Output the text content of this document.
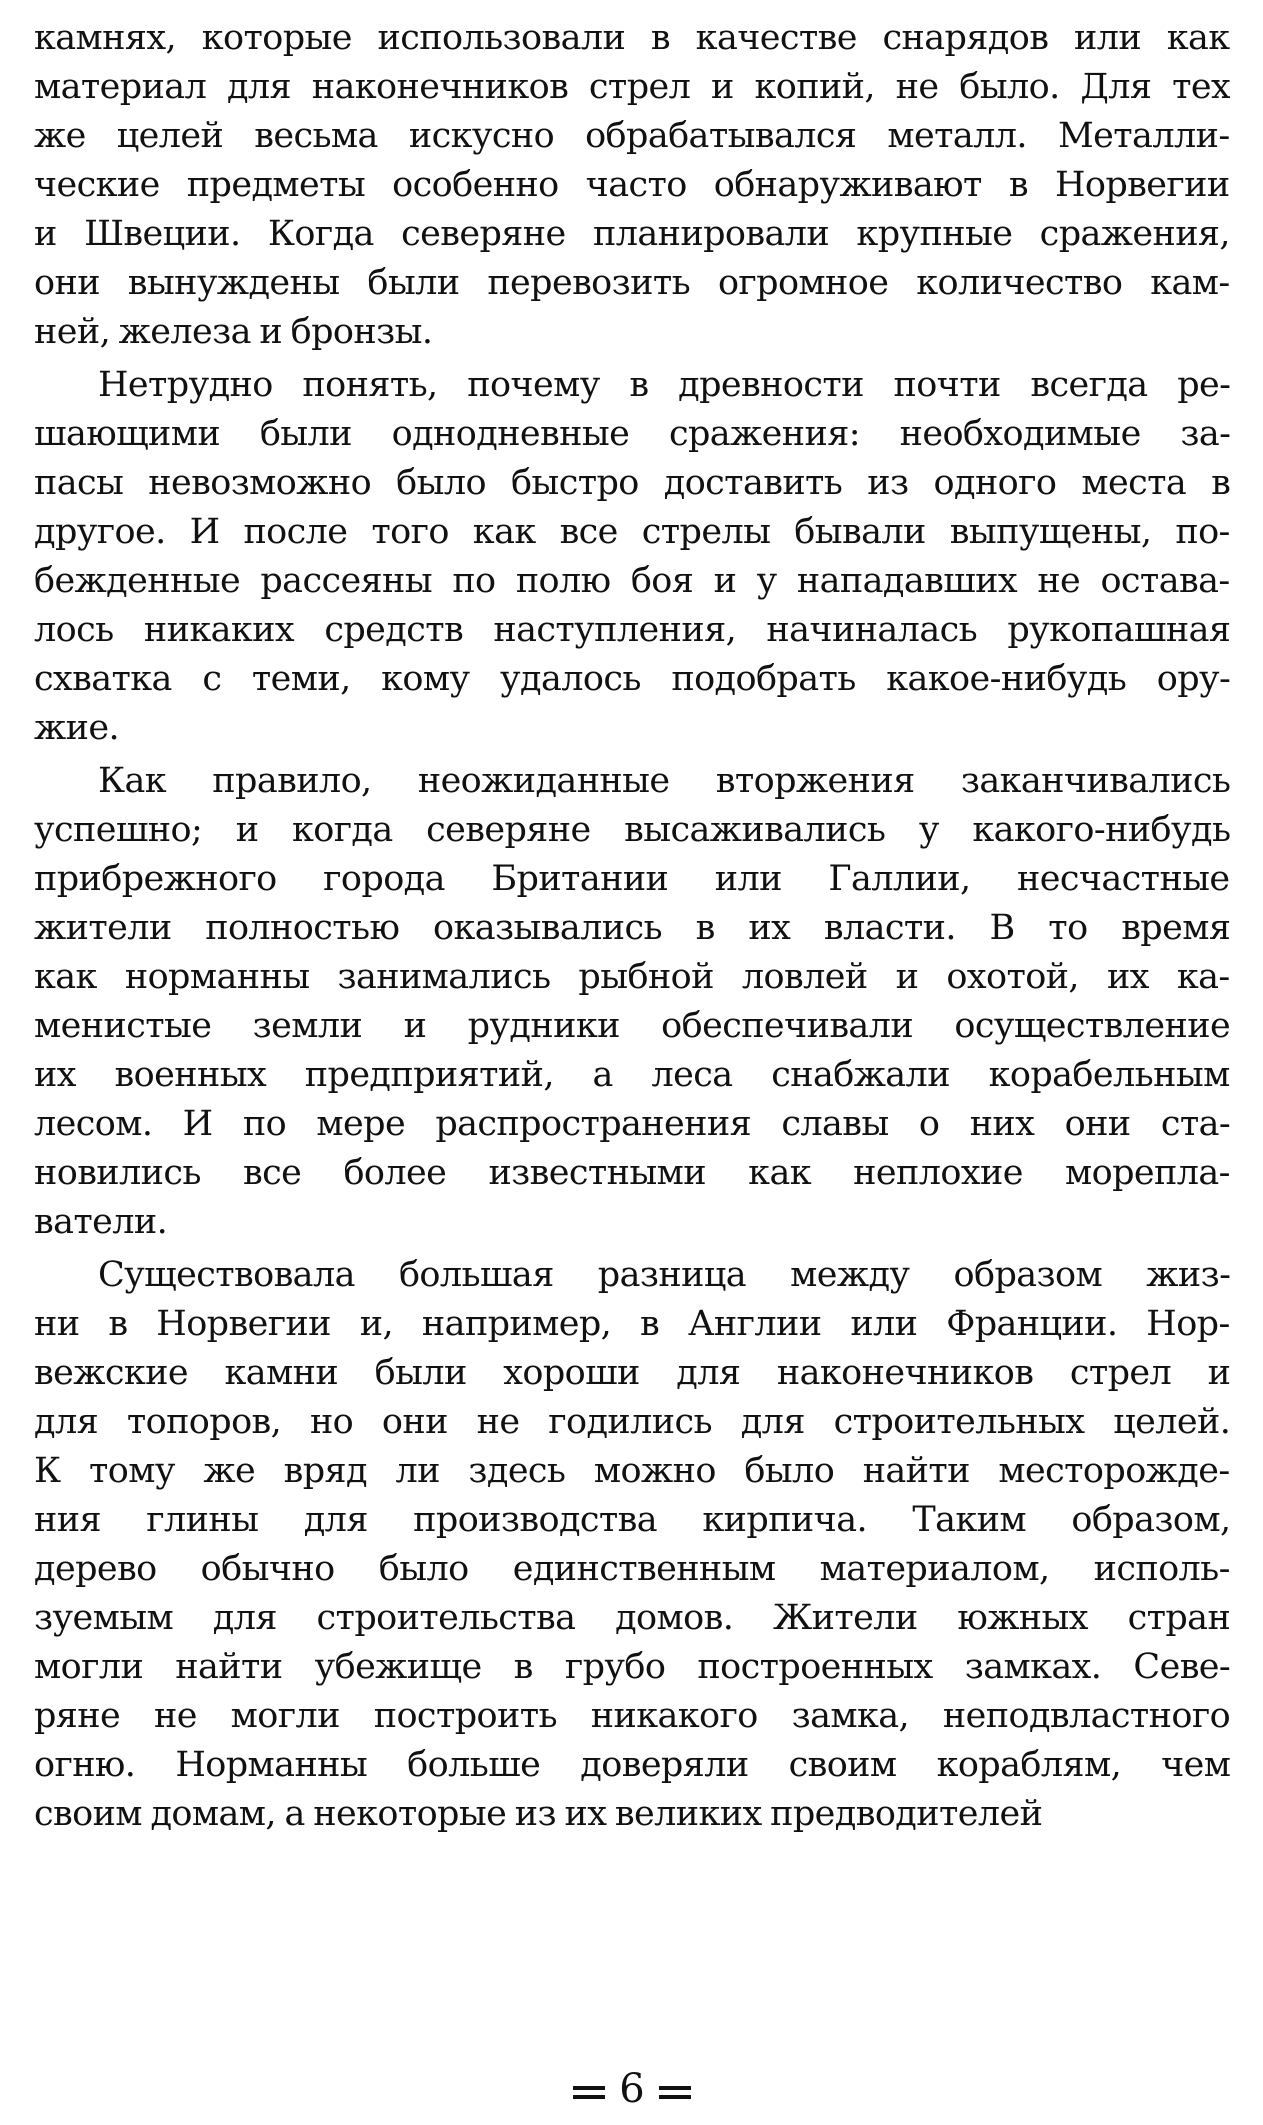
камнях, которые использовали в качестве снарядов или как
материал для наконечников стрел и копий, не было. Для тех
же целей весьма искусно обрабатывался металл. Металли-
ческие предметы особенно часто обнаруживают в Норвегии
и Швеции. Когда северяне планировали крупные сражения,
они вынуждены были перевозить огромное количество кам-
ней, железа и бронзы.
Нетрудно понять, почему в древности почти всегда ре-
шающими были однодневные сражения: необходимые за-
пасы невозможно было быстро доставить из одного места в
другое. И после того как все стрелы бывали выпущены, по-
бежденные рассеяны по полю боя и у нападавших не остава-
лось никаких средств наступления, начиналась рукопашная
схватка с теми, кому удалось подобрать какое-нибудь ору-
жие.
Как правило, неожиданные вторжения заканчивались
успешно; и когда северяне высаживались у какого-нибудь
прибрежного города Британии или Галлии, несчастные
жители полностью оказывались в их власти. В то время
как норманны занимались рыбной ловлей и охотой, их ка-
менистые земли и рудники обеспечивали осуществление
их военных предприятий, а леса снабжали корабельным
лесом. И по мере распространения славы о них они ста-
новились все более известными как неплохие морепла-
ватели.
Существовала большая разница между образом жиз-
ни в Норвегии и, например, в Англии или Франции. Нор-
вежские камни были хороши для наконечников стрел и
для топоров, но они не годились для строительных целей.
К тому же вряд ли здесь можно было найти месторожде-
ния глины для производства кирпича. Таким образом,
дерево обычно было единственным материалом, исполь-
зуемым для строительства домов. Жители южных стран
могли найти убежище в грубо построенных замках. Севе-
ряне не могли построить никакого замка, неподвластного
огню. Норманны больше доверяли своим кораблям, чем
своим домам, а некоторые из их великих предводителей
6
